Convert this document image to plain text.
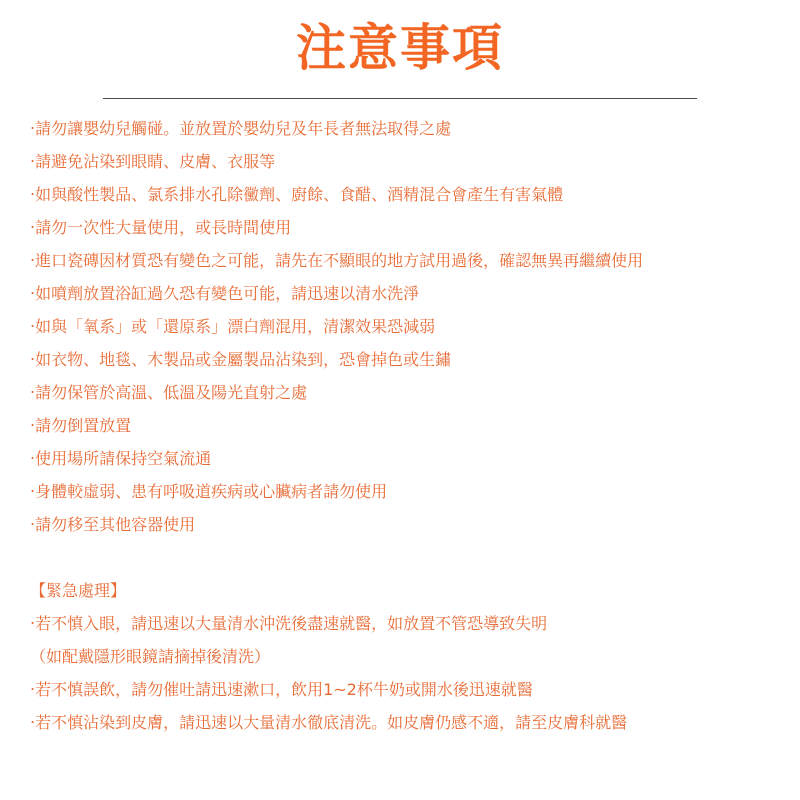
注意事項
‧請勿讓嬰幼兒觸碰。並放置於嬰幼兒及年長者無法取得之處
‧請避免沾染到眼睛、皮膚、衣服等
‧如與酸性製品、氯系排水孔除黴劑、廚餘、食醋、酒精混合會產生有害氣體
‧請勿一次性大量使用，或長時間使用
‧進口瓷磚因材質恐有變色之可能，請先在不顯眼的地方試用過後，確認無異再繼續使用
‧如噴劑放置浴缸過久恐有變色可能，請迅速以清水洗淨
‧如與「氧系」或「還原系」漂白劑混用，清潔效果恐減弱
‧如衣物、地毯、木製品或金屬製品沾染到，恐會掉色或生鏽
‧請勿保管於高溫、低溫及陽光直射之處
‧請勿倒置放置
‧使用場所請保持空氣流通
‧身體較虛弱、患有呼吸道疾病或心臟病者請勿使用
‧請勿移至其他容器使用
【緊急處理】
‧若不慎入眼，請迅速以大量清水沖洗後盡速就醫，如放置不管恐導致失明
（如配戴隱形眼鏡請摘掉後清洗）
‧若不慎誤飲，請勿催吐請迅速漱口，飲用1~2杯牛奶或開水後迅速就醫
‧若不慎沾染到皮膚，請迅速以大量清水徹底清洗。如皮膚仍感不適，請至皮膚科就醫
